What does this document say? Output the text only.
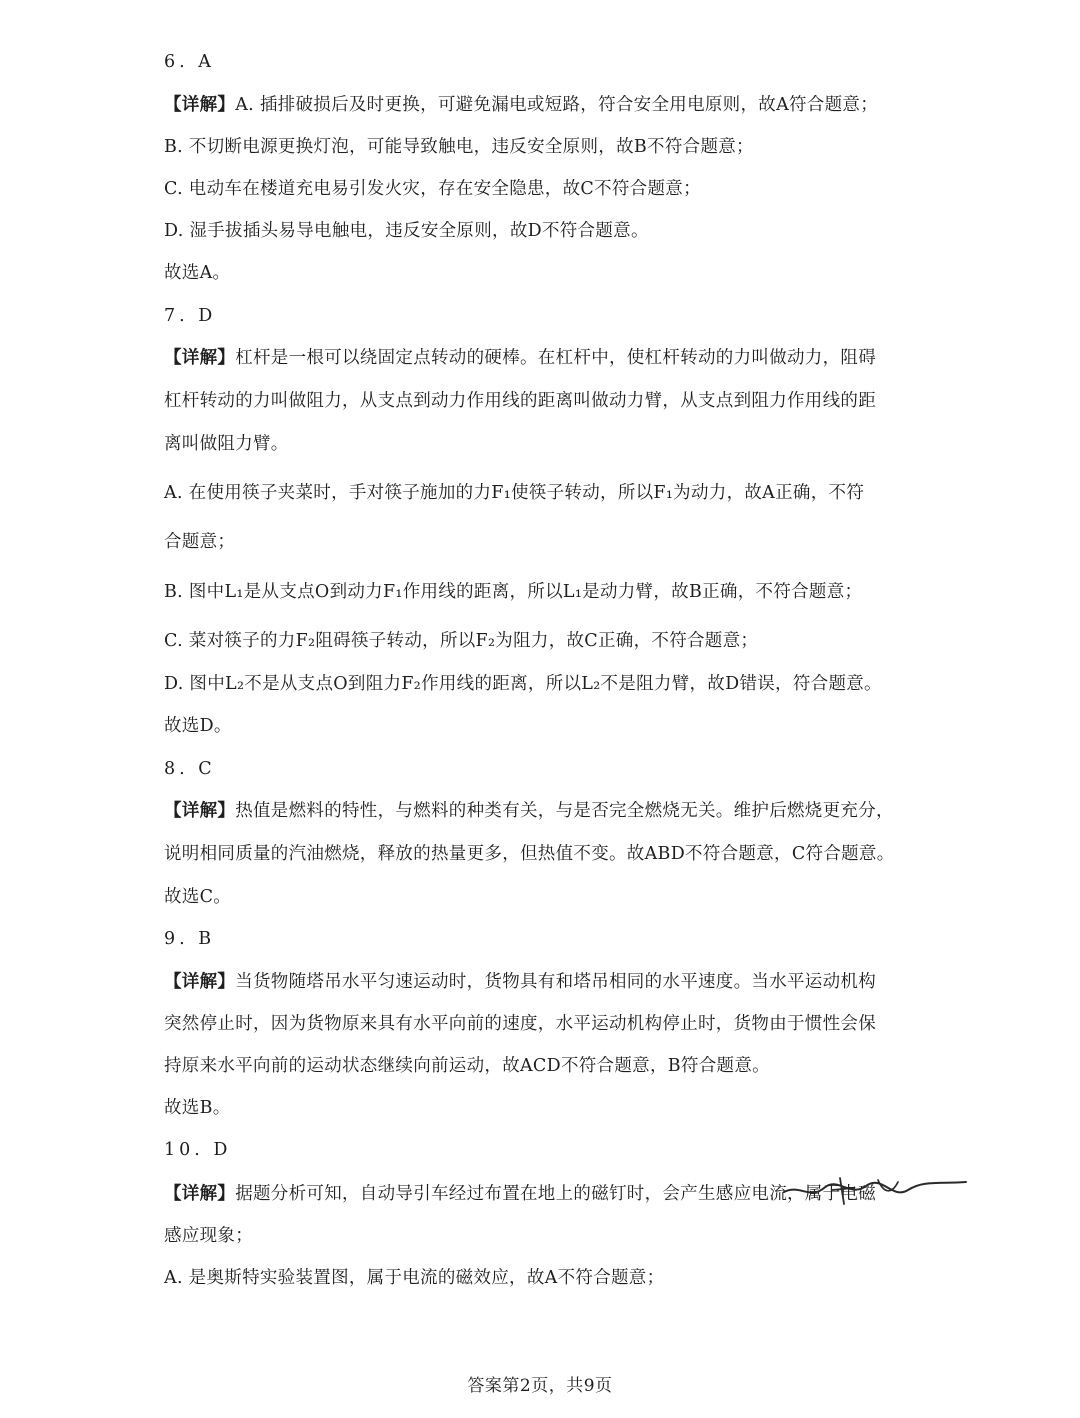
6. A
【详解】A. 插排破损后及时更换，可避免漏电或短路，符合安全用电原则，故A符合题意；
B. 不切断电源更换灯泡，可能导致触电，违反安全原则，故B不符合题意；
C. 电动车在楼道充电易引发火灾，存在安全隐患，故C不符合题意；
D. 湿手拔插头易导电触电，违反安全原则，故D不符合题意。
故选A。
7. D
【详解】杠杆是一根可以绕固定点转动的硬棒。在杠杆中，使杠杆转动的力叫做动力，阻碍
杠杆转动的力叫做阻力，从支点到动力作用线的距离叫做动力臂，从支点到阻力作用线的距
离叫做阻力臂。
A. 在使用筷子夹菜时，手对筷子施加的力F₁使筷子转动，所以F₁为动力，故A正确，不符
合题意；
B. 图中L₁是从支点O到动力F₁作用线的距离，所以L₁是动力臂，故B正确，不符合题意；
C. 菜对筷子的力F₂阻碍筷子转动，所以F₂为阻力，故C正确，不符合题意；
D. 图中L₂不是从支点O到阻力F₂作用线的距离，所以L₂不是阻力臂，故D错误，符合题意。
故选D。
8. C
【详解】热值是燃料的特性，与燃料的种类有关，与是否完全燃烧无关。维护后燃烧更充分，
说明相同质量的汽油燃烧，释放的热量更多，但热值不变。故ABD不符合题意，C符合题意。
故选C。
9. B
【详解】当货物随塔吊水平匀速运动时，货物具有和塔吊相同的水平速度。当水平运动机构
突然停止时，因为货物原来具有水平向前的速度，水平运动机构停止时，货物由于惯性会保
持原来水平向前的运动状态继续向前运动，故ACD不符合题意，B符合题意。
故选B。
10. D
【详解】据题分析可知，自动导引车经过布置在地上的磁钉时，会产生感应电流，属于电磁
感应现象；
A. 是奥斯特实验装置图，属于电流的磁效应，故A不符合题意；
答案第2页，共9页
